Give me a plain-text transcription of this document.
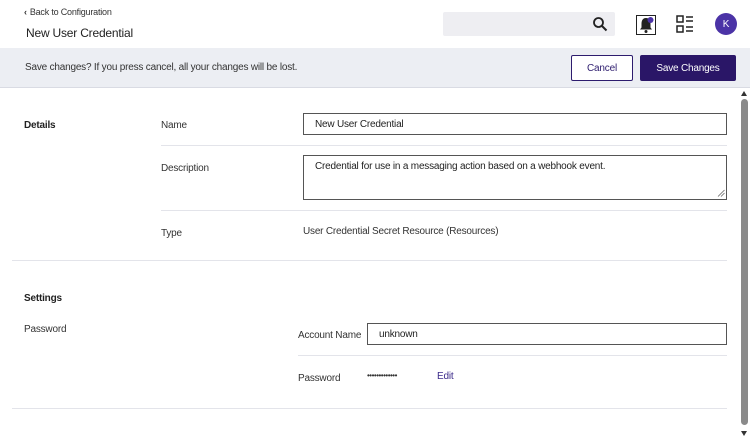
‹ Back to Configuration
New User Credential
K
Save changes? If you press cancel, all your changes will be lost.	Cancel	Save Changes
Details	Name	New User Credential
Description	Credential for use in a messaging action based on a webhook event.
Type	User Credential Secret Resource (Resources)
Settings
Password
Account Name	unknown
Password	•••••••••••••	Edit
